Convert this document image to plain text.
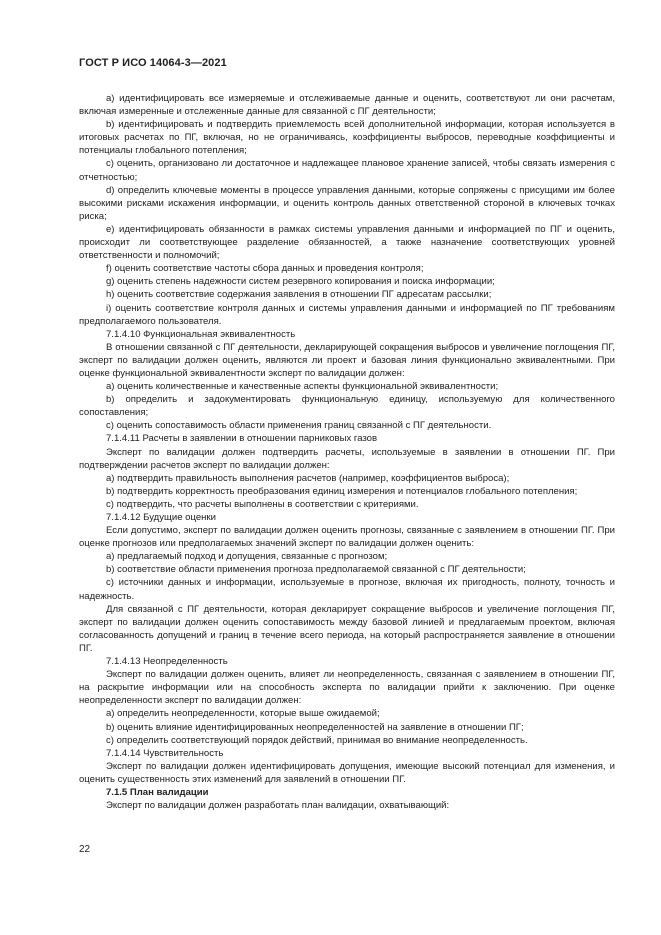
ГОСТ Р ИСО 14064-3—2021

a) идентифицировать все измеряемые и отслеживаемые данные и оценить, соответствуют ли они расчетам, включая измеренные и отслеженные данные для связанной с ПГ деятельности;

b) идентифицировать и подтвердить приемлемость всей дополнительной информации, которая используется в итоговых расчетах по ПГ, включая, но не ограничиваясь, коэффициенты выбросов, переводные коэффициенты и потенциалы глобального потепления;

c) оценить, организовано ли достаточное и надлежащее плановое хранение записей, чтобы связать измерения с отчетностью;

d) определить ключевые моменты в процессе управления данными, которые сопряжены с присущими им более высокими рисками искажения информации, и оценить контроль данных ответственной стороной в ключевых точках риска;

e) идентифицировать обязанности в рамках системы управления данными и информацией по ПГ и оценить, происходит ли соответствующее разделение обязанностей, а также назначение соответствующих уровней ответственности и полномочий;

f) оценить соответствие частоты сбора данных и проведения контроля;

g) оценить степень надежности систем резервного копирования и поиска информации;

h) оценить соответствие содержания заявления в отношении ПГ адресатам рассылки;

i) оценить соответствие контроля данных и системы управления данными и информацией по ПГ требованиям предполагаемого пользователя.

7.1.4.10 Функциональная эквивалентность

В отношении связанной с ПГ деятельности, декларирующей сокращения выбросов и увеличение поглощения ПГ, эксперт по валидации должен оценить, являются ли проект и базовая линия функционально эквивалентными. При оценке функциональной эквивалентности эксперт по валидации должен:

a) оценить количественные и качественные аспекты функциональной эквивалентности;

b) определить и задокументировать функциональную единицу, используемую для количественного сопоставления;

c) оценить сопоставимость области применения границ связанной с ПГ деятельности.

7.1.4.11 Расчеты в заявлении в отношении парниковых газов

Эксперт по валидации должен подтвердить расчеты, используемые в заявлении в отношении ПГ. При подтверждении расчетов эксперт по валидации должен:

a) подтвердить правильность выполнения расчетов (например, коэффициентов выброса);

b) подтвердить корректность преобразования единиц измерения и потенциалов глобального потепления;

c) подтвердить, что расчеты выполнены в соответствии с критериями.

7.1.4.12 Будущие оценки

Если допустимо, эксперт по валидации должен оценить прогнозы, связанные с заявлением в отношении ПГ. При оценке прогнозов или предполагаемых значений эксперт по валидации должен оценить:

a) предлагаемый подход и допущения, связанные с прогнозом;

b) соответствие области применения прогноза предполагаемой связанной с ПГ деятельности;

c) источники данных и информации, используемые в прогнозе, включая их пригодность, полноту, точность и надежность.

Для связанной с ПГ деятельности, которая декларирует сокращение выбросов и увеличение поглощения ПГ, эксперт по валидации должен оценить сопоставимость между базовой линией и предлагаемым проектом, включая согласованность допущений и границ в течение всего периода, на который распространяется заявление в отношении ПГ.

7.1.4.13 Неопределенность

Эксперт по валидации должен оценить, влияет ли неопределенность, связанная с заявлением в отношении ПГ, на раскрытие информации или на способность эксперта по валидации прийти к заключению. При оценке неопределенности эксперт по валидации должен:

a) определить неопределенности, которые выше ожидаемой;

b) оценить влияние идентифицированных неопределенностей на заявление в отношении ПГ;

c) определить соответствующий порядок действий, принимая во внимание неопределенность.

7.1.4.14 Чувствительность

Эксперт по валидации должен идентифицировать допущения, имеющие высокий потенциал для изменения, и оценить существенность этих изменений для заявлений в отношении ПГ.

7.1.5 План валидации

Эксперт по валидации должен разработать план валидации, охватывающий:

22
